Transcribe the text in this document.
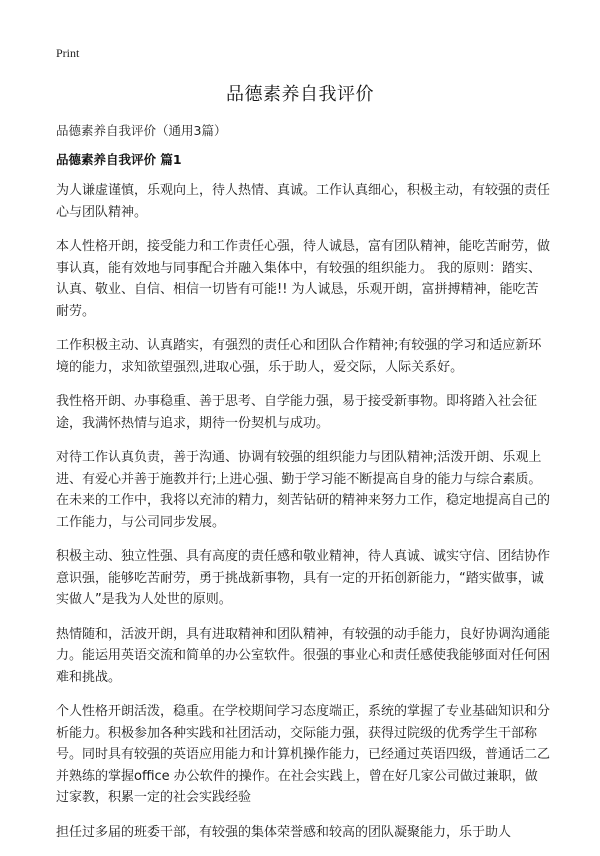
Print
品德素养自我评价

品德素养自我评价（通用3篇）

品德素养自我评价 篇1

为人谦虚谨慎，乐观向上，待人热情、真诚。工作认真细心，积极主动，有较强的责任心与团队精神。

本人性格开朗，接受能力和工作责任心强，待人诚恳，富有团队精神，能吃苦耐劳，做事认真，能有效地与同事配合并融入集体中，有较强的组织能力。 我的原则：踏实、认真、敬业、自信、相信一切皆有可能!! 为人诚恳，乐观开朗，富拼搏精神，能吃苦耐劳。

工作积极主动、认真踏实，有强烈的责任心和团队合作精神;有较强的学习和适应新环境的能力，求知欲望强烈,进取心强，乐于助人，爱交际，人际关系好。

我性格开朗、办事稳重、善于思考、自学能力强，易于接受新事物。即将踏入社会征途，我满怀热情与追求，期待一份契机与成功。

对待工作认真负责，善于沟通、协调有较强的组织能力与团队精神;活泼开朗、乐观上进、有爱心并善于施教并行;上进心强、勤于学习能不断提高自身的能力与综合素质。在未来的工作中，我将以充沛的精力，刻苦钻研的精神来努力工作，稳定地提高自己的工作能力，与公司同步发展。

积极主动、独立性强、具有高度的责任感和敬业精神，待人真诚、诚实守信、团结协作意识强，能够吃苦耐劳，勇于挑战新事物，具有一定的开拓创新能力，“踏实做事，诚实做人”是我为人处世的原则。

热情随和，活波开朗，具有进取精神和团队精神，有较强的动手能力，良好协调沟通能力。能运用英语交流和简单的办公室软件。很强的事业心和责任感使我能够面对任何困难和挑战。

个人性格开朗活泼，稳重。在学校期间学习态度端正，系统的掌握了专业基础知识和分析能力。积极参加各种实践和社团活动，交际能力强，获得过院级的优秀学生干部称号。同时具有较强的英语应用能力和计算机操作能力，已经通过英语四级，普通话二乙并熟练的掌握office 办公软件的操作。在社会实践上，曾在好几家公司做过兼职，做过家教，积累一定的社会实践经验

担任过多届的班委干部，有较强的集体荣誉感和较高的团队凝聚能力，乐于助人
